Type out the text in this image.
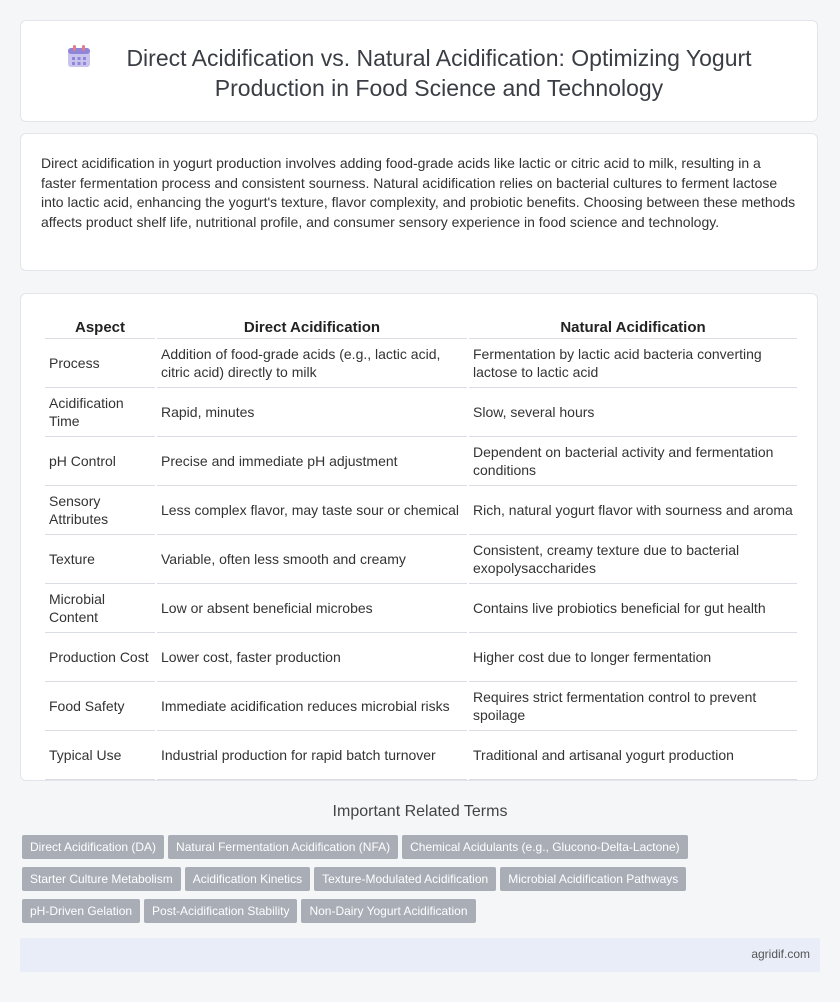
Direct Acidification vs. Natural Acidification: Optimizing Yogurt Production in Food Science and Technology
Direct acidification in yogurt production involves adding food-grade acids like lactic or citric acid to milk, resulting in a faster fermentation process and consistent sourness. Natural acidification relies on bacterial cultures to ferment lactose into lactic acid, enhancing the yogurt's texture, flavor complexity, and probiotic benefits. Choosing between these methods affects product shelf life, nutritional profile, and consumer sensory experience in food science and technology.
Aspect	Direct Acidification	Natural Acidification
Process	Addition of food-grade acids (e.g., lactic acid, citric acid) directly to milk	Fermentation by lactic acid bacteria converting lactose to lactic acid
Acidification Time	Rapid, minutes	Slow, several hours
pH Control	Precise and immediate pH adjustment	Dependent on bacterial activity and fermentation conditions
Sensory Attributes	Less complex flavor, may taste sour or chemical	Rich, natural yogurt flavor with sourness and aroma
Texture	Variable, often less smooth and creamy	Consistent, creamy texture due to bacterial exopolysaccharides
Microbial Content	Low or absent beneficial microbes	Contains live probiotics beneficial for gut health
Production Cost	Lower cost, faster production	Higher cost due to longer fermentation
Food Safety	Immediate acidification reduces microbial risks	Requires strict fermentation control to prevent spoilage
Typical Use	Industrial production for rapid batch turnover	Traditional and artisanal yogurt production
Important Related Terms
Direct Acidification (DA) Natural Fermentation Acidification (NFA) Chemical Acidulants (e.g., Glucono-Delta-Lactone)
Starter Culture Metabolism Acidification Kinetics Texture-Modulated Acidification Microbial Acidification Pathways
pH-Driven Gelation Post-Acidification Stability Non-Dairy Yogurt Acidification
agridif.com
